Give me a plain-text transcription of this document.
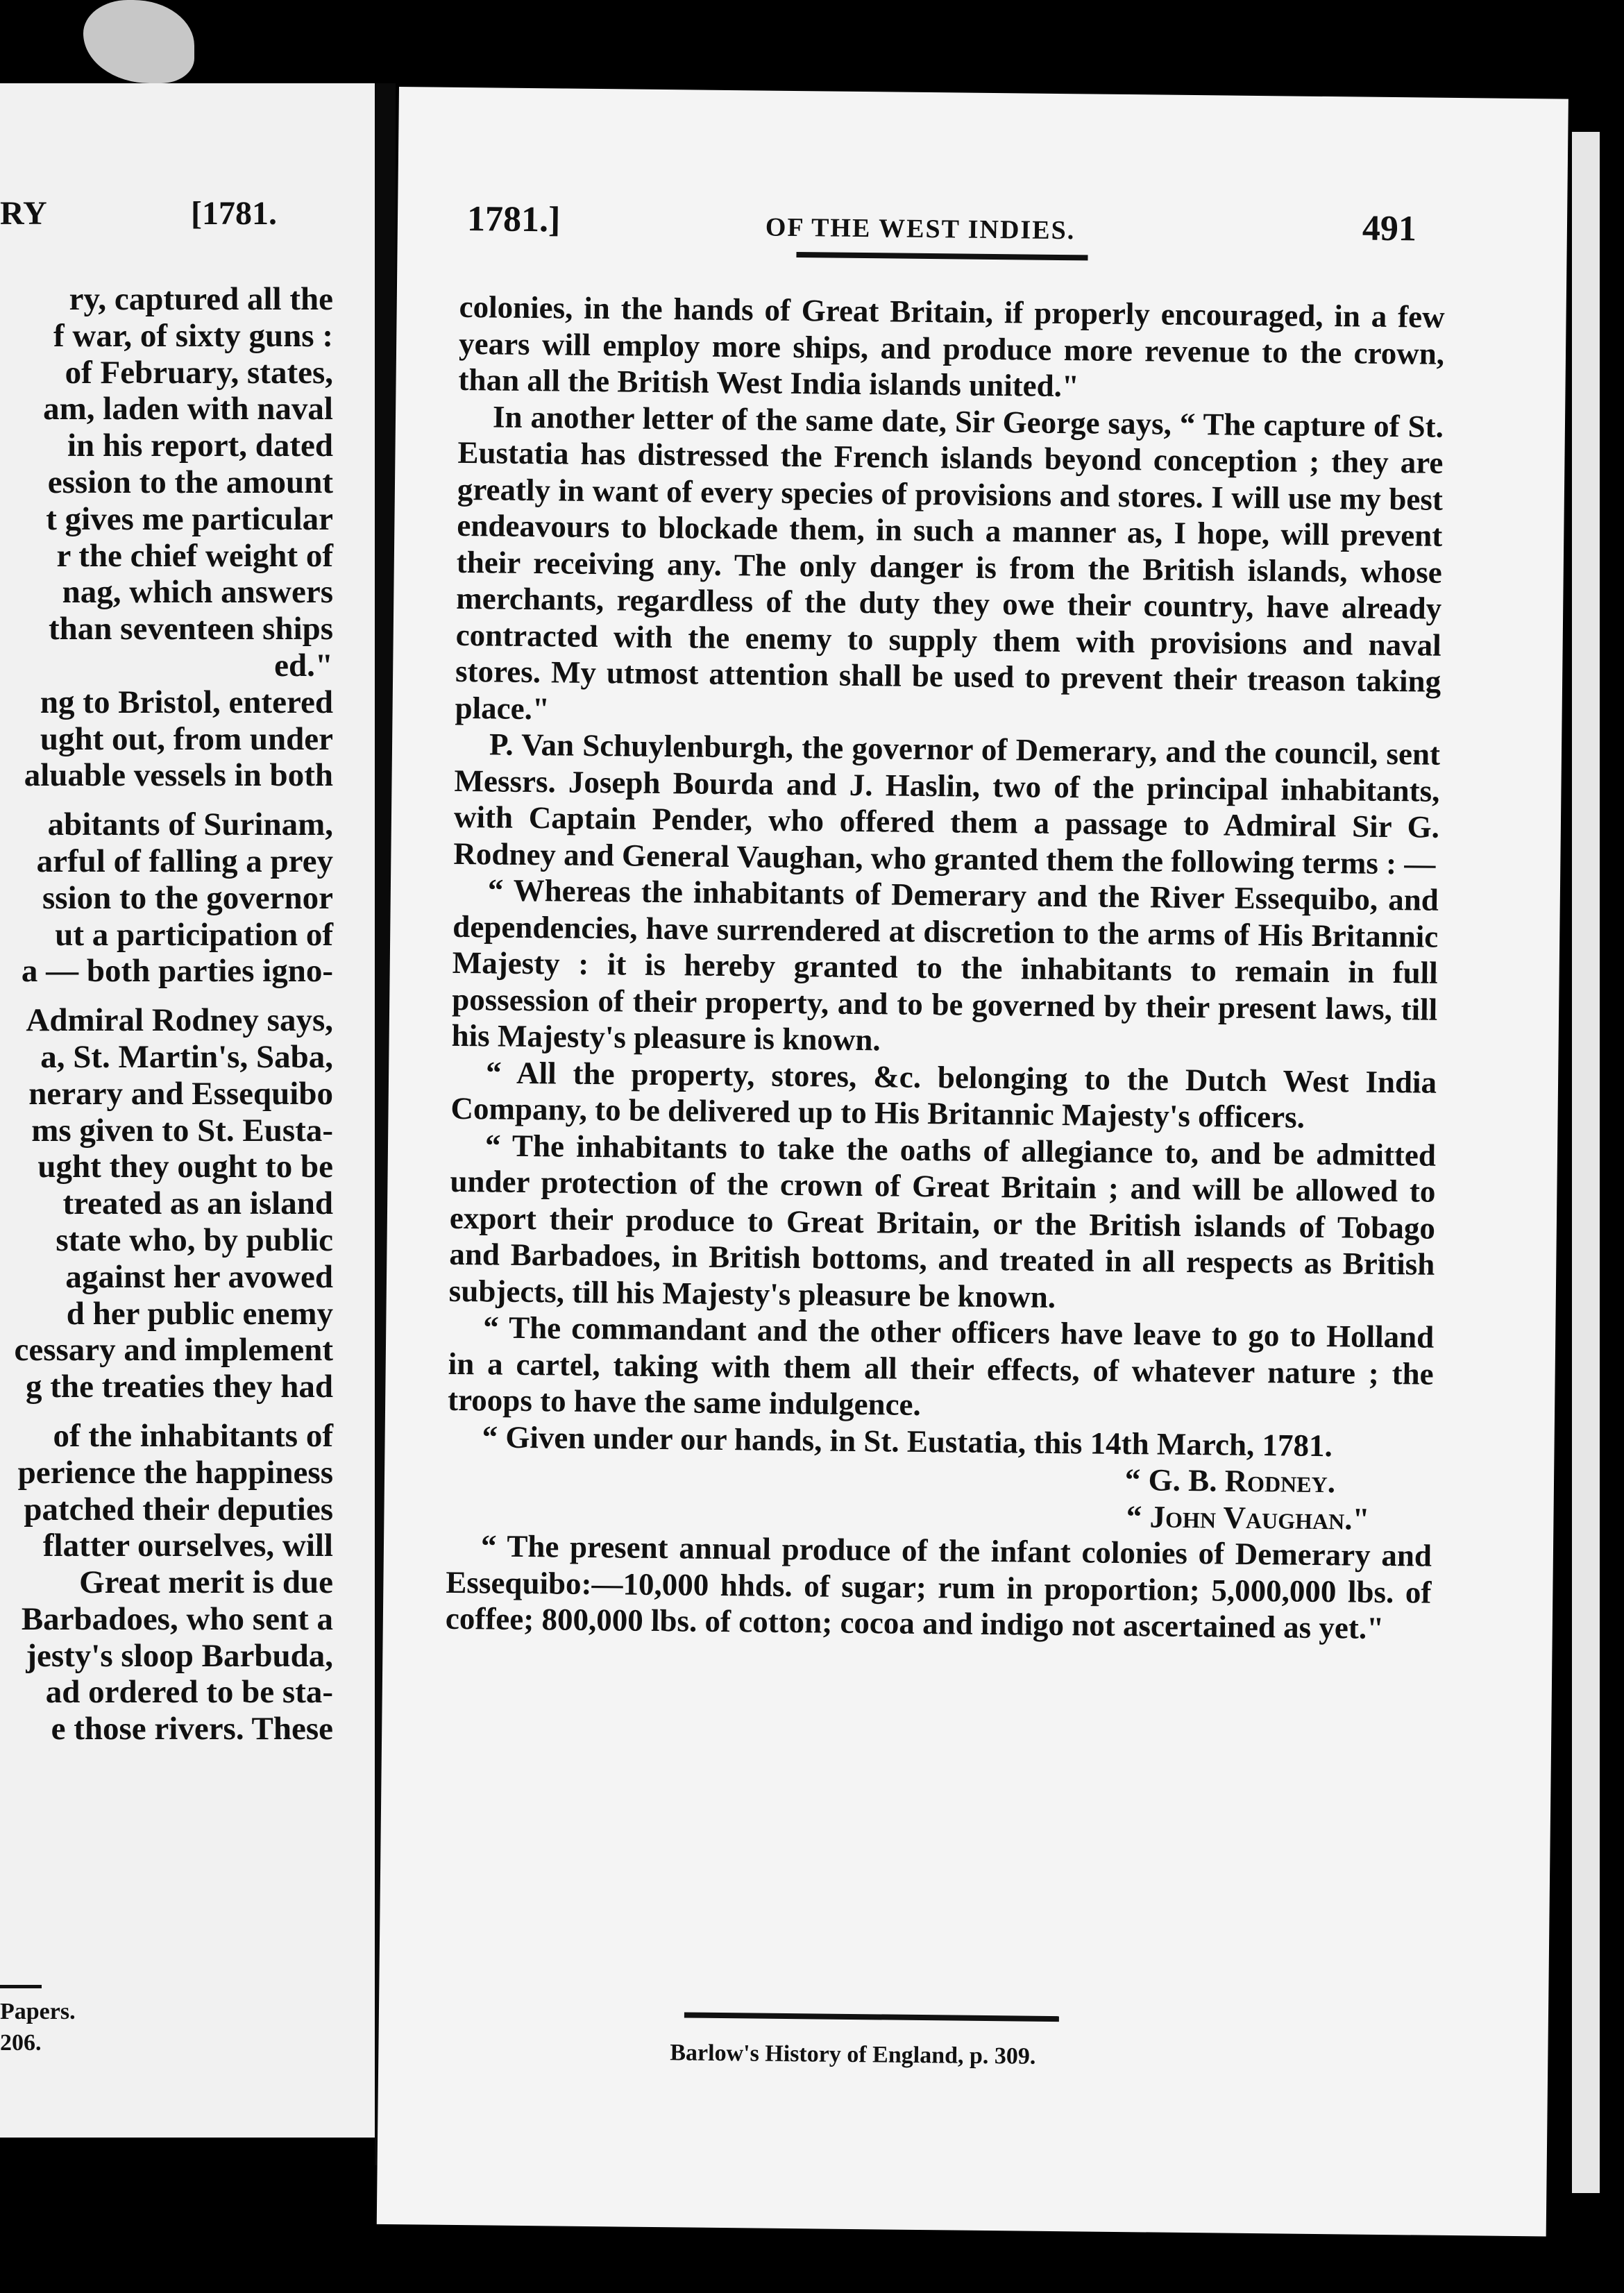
RY	[1781.
ry, captured all the
f war, of sixty guns :
of February, states,
am, laden with naval
in his report, dated
ession to the amount
t gives me particular
r the chief weight of
nag, which answers
than seventeen ships
ed."
ng to Bristol, entered
ught out, from under
aluable vessels in both
abitants of Surinam,
arful of falling a prey
ssion to the governor
ut a participation of
a — both parties igno-
Admiral Rodney says,
a, St. Martin's, Saba,
nerary and Essequibo
ms given to St. Eusta-
ught they ought to be
treated as an island
state who, by public
against her avowed
d her public enemy
cessary and implement
g the treaties they had
of the inhabitants of
perience the happiness
patched their deputies
flatter ourselves, will
Great merit is due
Barbadoes, who sent a
jesty's sloop Barbuda,
ad ordered to be sta-
e those rivers. These
Papers.
206.
1781.]	OF THE WEST INDIES.	491

colonies, in the hands of Great Britain, if properly encouraged, in a few years will employ more ships, and produce more revenue to the crown, than all the British West India islands united."

In another letter of the same date, Sir George says, “ The capture of St. Eustatia has distressed the French islands beyond conception ; they are greatly in want of every species of provisions and stores. I will use my best endeavours to blockade them, in such a manner as, I hope, will prevent their receiving any. The only danger is from the British islands, whose merchants, regardless of the duty they owe their country, have already contracted with the enemy to supply them with provisions and naval stores. My utmost attention shall be used to prevent their treason taking place."

P. Van Schuylenburgh, the governor of Demerary, and the council, sent Messrs. Joseph Bourda and J. Haslin, two of the principal inhabitants, with Captain Pender, who offered them a passage to Admiral Sir G. Rodney and General Vaughan, who granted them the following terms : —

“ Whereas the inhabitants of Demerary and the River Essequibo, and dependencies, have surrendered at discretion to the arms of His Britannic Majesty : it is hereby granted to the inhabitants to remain in full possession of their property, and to be governed by their present laws, till his Majesty's pleasure is known.

“ All the property, stores, &c. belonging to the Dutch West India Company, to be delivered up to His Britannic Majesty's officers.

“ The inhabitants to take the oaths of allegiance to, and be admitted under protection of the crown of Great Britain ; and will be allowed to export their produce to Great Britain, or the British islands of Tobago and Barbadoes, in British bottoms, and treated in all respects as British subjects, till his Majesty's pleasure be known.

“ The commandant and the other officers have leave to go to Holland in a cartel, taking with them all their effects, of whatever nature ; the troops to have the same indulgence.

“ Given under our hands, in St. Eustatia, this 14th March, 1781.

“ G. B. Rodney.
“ John Vaughan."

“ The present annual produce of the infant colonies of Demerary and Essequibo:—10,000 hhds. of sugar; rum in proportion; 5,000,000 lbs. of coffee; 800,000 lbs. of cotton; cocoa and indigo not ascertained as yet."

Barlow's History of England, p. 309.
